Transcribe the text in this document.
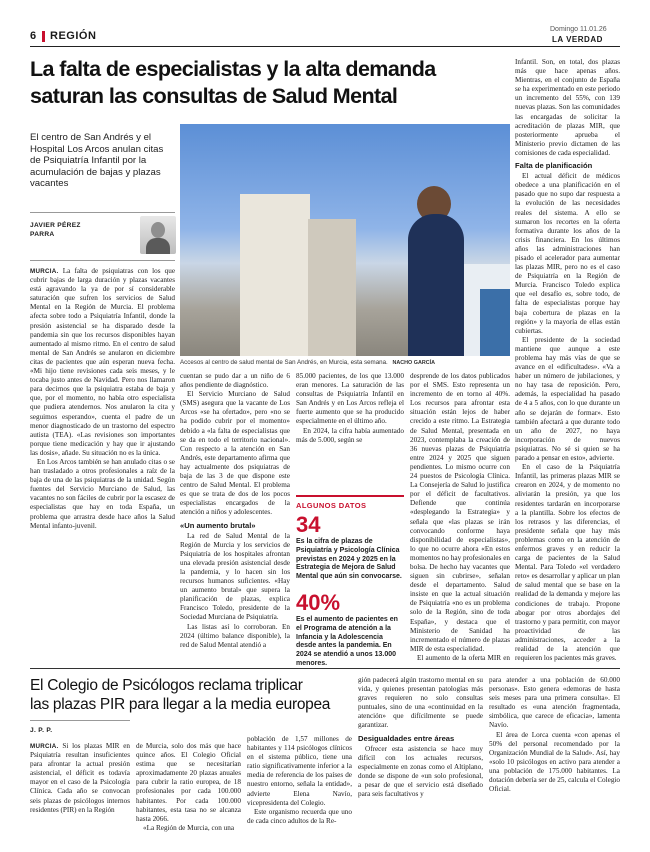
6 REGIÓN
Domingo 11.01.26
LA VERDAD
La falta de especialistas y la alta demanda
saturan las consultas de Salud Mental
El centro de San Andrés y el Hospital Los Arcos anulan citas de Psiquiatría Infantil por la acumulación de bajas y plazas vacantes
JAVIER PÉREZ
PARRA
Accesos al centro de salud mental de San Andrés, en Murcia, esta semana. NACHO GARCÍA

MURCIA. La falta de psiquiatras con los que cubrir bajas de larga duración y plazas vacantes está agravando la ya de por sí considerable saturación que sufren los servicios de Salud Mental en la Región de Murcia. El problema afecta sobre todo a Psiquiatría Infantil, donde la presión asistencial se ha disparado desde la pandemia sin que los recursos disponibles hayan aumentado al mismo ritmo. En el centro de salud mental de San Andrés se anularon en diciembre citas de pacientes que aún esperan nueva fecha. «Mi hijo tiene revisiones cada seis meses, y le tocaba justo antes de Navidad. Pero nos llamaron para decirnos que la psiquiatra estaba de baja y que, por el momento, no había otro especialista que pudiera atendernos. Nos anularon la cita y seguimos esperando», cuenta el padre de un menor diagnosticado de un trastorno del espectro autista (TEA). «Las revisiones son importantes porque tiene medicación y hay que ir ajustando las dosis», añade. Su situación no es la única.

En Los Arcos también se han anulado citas o se han trasladado a otros profesionales a raíz de la baja de una de las psiquiatras de la unidad. Según fuentes del Servicio Murciano de Salud, las vacantes no son fáciles de cubrir por la escasez de especialistas que hay en toda España, un problema que arrastra desde hace años la Salud Mental infanto-juvenil.

cuentan se pudo dar a un niño de 6 años pendiente de diagnóstico.

El Servicio Murciano de Salud (SMS) asegura que la vacante de Los Arcos «se ha ofertado», pero «no se ha podido cubrir por el momento» debido a «la falta de especialistas que se da en todo el territorio nacional». Con respecto a la atención en San Andrés, este departamento afirma que hay actualmente dos psiquiatras de baja de las 3 de que dispone este centro de Salud Mental. El problema es que se trata de dos de los pocos especialistas encargados de la atención a niños y adolescentes.

«Un aumento brutal»

La red de Salud Mental de la Región de Murcia y los servicios de Psiquiatría de los hospitales afrontan una elevada presión asistencial desde la pandemia, y lo hacen sin los recursos humanos suficientes. «Hay un aumento brutal» que supera la planificación de plazas, explica Francisco Toledo, presidente de la Sociedad Murciana de Psiquiatría.

Las listas así lo corroboran. En 2024 (último balance disponible), la red de Salud Mental atendió a

85.000 pacientes, de los que 13.000 eran menores. La saturación de las consultas de Psiquiatría Infantil en San Andrés y en Los Arcos refleja el fuerte aumento que se ha producido especialmente en el último año.

En 2024, la cifra había aumentado más de 5.000, según se

ALGUNOS DATOS
34
Es la cifra de plazas de Psiquiatría y Psicología Clínica previstas en 2024 y 2025 en la Estrategia de Mejora de Salud Mental que aún sin convocarse.
40%
Es el aumento de pacientes en el Programa de atención a la Infancia y la Adolescencia desde antes la pandemia. En 2024 se atendió a unos 13.000 menores.

desprende de los datos publicados por el SMS. Esto representa un incremento de en torno al 40%. Los recursos para afrontar esta situación están lejos de haber crecido a este ritmo. La Estrategia de Salud Mental, presentada en 2023, contemplaba la creación de 36 nuevas plazas de Psiquiatría entre 2024 y 2025 que siguen pendientes. Lo mismo ocurre con 24 puestos de Psicología Clínica. La Consejería de Salud lo justifica por el déficit de facultativos. Defiende que continúa «desplegando la Estrategia» y señala que «las plazas se irán convocando conforme haya disponibilidad de especialistas», lo que no ocurre ahora «En estos momentos no hay profesionales en bolsa. De hecho hay vacantes que siguen sin cubrirse», señalan desde el departamento. Salud insiste en que la actual situación de Psiquiatría «no es un problema solo de la Región, sino de toda España», y destaca que el Ministerio de Sanidad ha incrementado el número de plazas MIR de esta especialidad.

El aumento de la oferta MIR en

Infantil. Son, en total, dos plazas más que hace apenas años. Mientras, en el conjunto de España se ha experimentado en este periodo un incremento del 55%, con 139 nuevas plazas. Son las comunidades las encargadas de solicitar la acreditación de plazas MIR, que posteriormente aprueba el Ministerio previo dictamen de las comisiones de cada especialidad.

Falta de planificación

El actual déficit de médicos obedece a una planificación en el pasado que no supo dar respuesta a la evolución de las necesidades reales del sistema. A ello se sumaron los recortes en la oferta formativa durante los años de la crisis financiera. En los últimos años las administraciones han pisado el acelerador para aumentar las plazas MIR, pero no es el caso de Psiquiatría en la Región de Murcia. Francisco Toledo explica que «el desafío es, sobre todo, de falta de especialistas porque hay baja cobertura de plazas en la región» y la mayoría de ellas están cubiertas.

El presidente de la sociedad mantiene que aunque a este problema hay más vías de que se avance en el «dificultades». «Va a haber un número de jubilaciones, y no hay tasa de reposición. Pero, además, la especialidad ha pasado de 4 a 5 años, con lo que durante un año se dejarán de formar». Esto también afectará a que durante todo un año de 2027, no haya incorporación de nuevos psiquiatras. No sé si quien se ha parado a pensar en esto», advierte.

En el caso de la Psiquiatría Infantil, las primeras plazas MIR se crearon en 2024, y de momento no aliviarán la presión, ya que los residentes tardarán en incorporarse a la plantilla. Sobre los efectos de los retrasos y las diferencias, el presidente señala que hay más problemas como en la atención de enfermos graves y en reducir la carga de pacientes de la Salud Mental. Para Toledo «el verdadero reto» es desarrollar y aplicar un plan de salud mental que se base en la realidad de la demanda y mejore las condiciones de trabajo. Propone abogar por otros abordajes del trastorno y para permitir, con mayor proactividad de las administraciones, acceder a la realidad de la atención que requieren los pacientes más graves.

El Colegio de Psicólogos reclama triplicar
las plazas PIR para llegar a la media europea
J. P. P.

MURCIA. Si los plazas MIR en Psiquiatría resultan insuficientes para afrontar la actual presión asistencial, el déficit es todavía mayor en el caso de la Psicología Clínica. Cada año se convocan seis plazas de psicólogos internos residentes (PIR) en la Región

de Murcia, solo dos más que hace quince años. El Colegio Oficial estima que se necesitarían aproximadamente 20 plazas anuales para cubrir la ratio europea, de 18 profesionales por cada 100.000 habitantes. Por cada 100.000 habitantes, esta tasa no se alcanza hasta 2066.

«La Región de Murcia, con una

población de 1,57 millones de habitantes y 114 psicólogos clínicos en el sistema público, tiene una ratio significativamente inferior a la media de referencia de los países de nuestro entorno, señala la entidad», advierte Elena Navío, vicepresidenta del Colegio.

Este organismo recuerda que uno de cada cinco adultos de la Re-

gión padecerá algún trastorno mental en su vida, y quienes presentan patologías más graves requieren no solo consultas puntuales, sino de una «continuidad en la atención» que difícilmente se puede garantizar.

Desigualdades entre áreas

Ofrecer esta asistencia se hace muy difícil con los actuales recursos, especialmente en zonas como el Altiplano, donde se dispone de «un solo profesional, a pesar de que el servicio está diseñado para seis facultativos y

para atender a una población de 60.000 personas». Esto genera «demoras de hasta seis meses para una primera consulta». El resultado es «una atención fragmentada, simbólica, que carece de eficacia», lamenta Navío.

El área de Lorca cuenta «con apenas el 50% del personal recomendado por la Organización Mundial de la Salud». Así, hay «solo 10 psicólogos en activo para atender a una población de 175.000 habitantes. La dotación debería ser de 25, calcula el Colegio Oficial.
